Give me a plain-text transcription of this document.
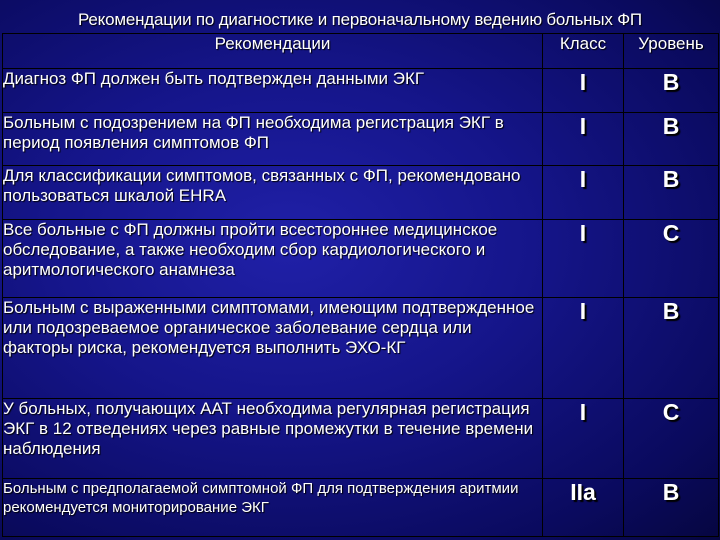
Рекомендации по диагностике и первоначальному ведению больных ФП
Рекомендации	Класс	Уровень
Диагноз ФП должен быть подтвержден данными ЭКГ	I	B
Больным с подозрением на ФП необходима регистрация ЭКГ в период появления симптомов ФП	I	B
Для классификации симптомов, связанных с ФП, рекомендовано пользоваться шкалой EHRA	I	B
Все больные с ФП должны пройти всестороннее медицинское обследование, а также необходим сбор кардиологического и аритмологического анамнеза	I	C
Больным с выраженными симптомами, имеющим подтвержденное или подозреваемое органическое заболевание сердца или факторы риска, рекомендуется выполнить ЭХО-КГ	I	B
У больных, получающих ААТ необходима регулярная регистрация ЭКГ в 12 отведениях через равные промежутки в течение времени наблюдения	I	C
Больным с предполагаемой симптомной ФП для подтверждения аритмии рекомендуется мониторирование ЭКГ	IIa	B
